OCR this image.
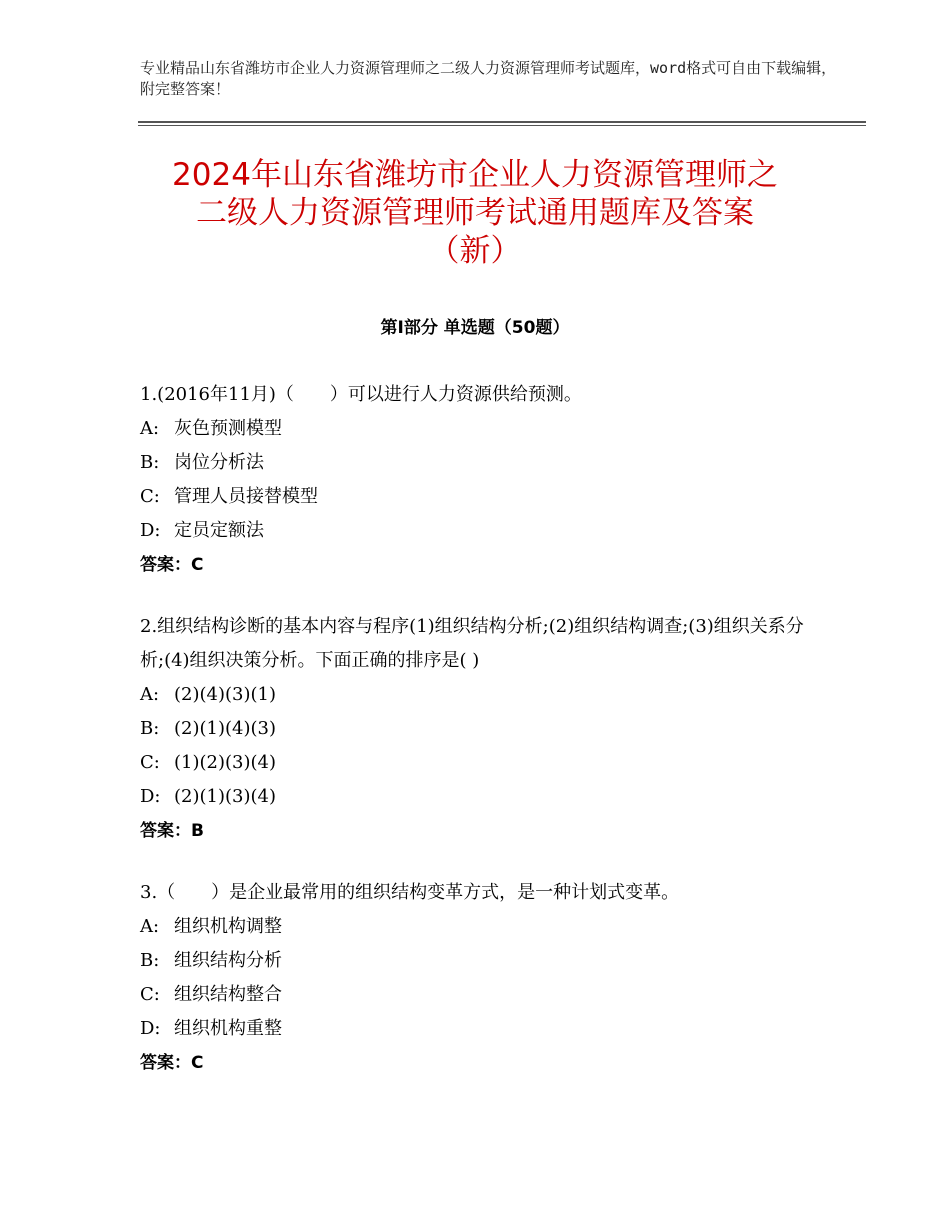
专业精品山东省潍坊市企业人力资源管理师之二级人力资源管理师考试题库，word格式可自由下载编辑，附完整答案！
2024年山东省潍坊市企业人力资源管理师之
二级人力资源管理师考试通用题库及答案
（新）
第Ⅰ部分 单选题（50题）

1.(2016年11月)（　　）可以进行人力资源供给预测。

A: 灰色预测模型

B: 岗位分析法

C: 管理人员接替模型

D: 定员定额法

答案：C

2.组织结构诊断的基本内容与程序(1)组织结构分析;(2)组织结构调查;(3)组织关系分析;(4)组织决策分析。下面正确的排序是( )

A: (2)(4)(3)(1)

B: (2)(1)(4)(3)

C: (1)(2)(3)(4)

D: (2)(1)(3)(4)

答案：B

3.（　　）是企业最常用的组织结构变革方式，是一种计划式变革。

A: 组织机构调整

B: 组织结构分析

C: 组织结构整合

D: 组织机构重整

答案：C
